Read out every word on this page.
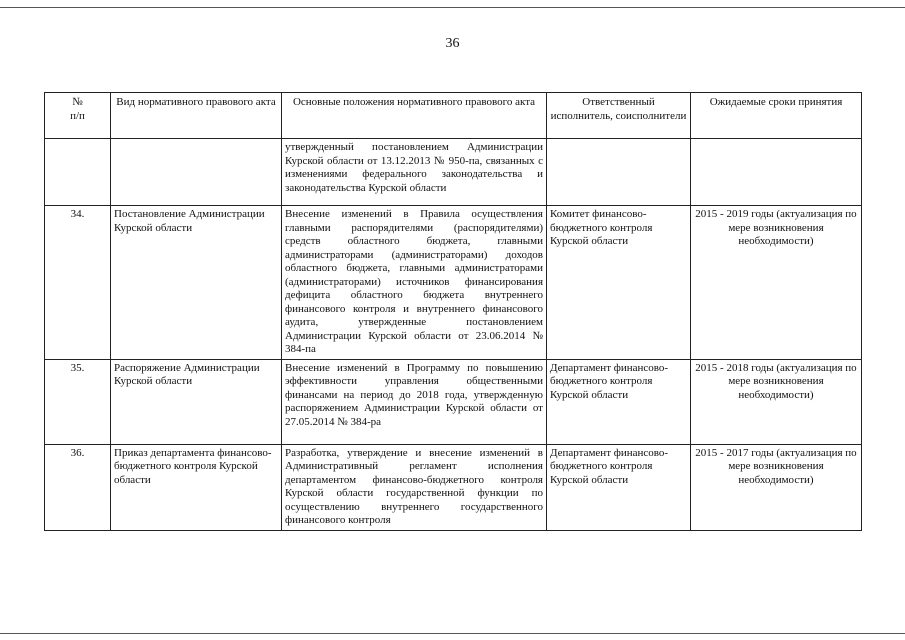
36
№
п/п	Вид нормативного правового акта	Основные положения нормативного правового акта	Ответственный исполнитель, соисполнители	Ожидаемые сроки принятия
		утвержденный постановлением Администрации Курской области от 13.12.2013 № 950-па, связанных с изменениями федерального законодательства и законодательства Курской области		
34.	Постановление Администрации Курской области	Внесение изменений в Правила осуществления главными распорядителями (распорядителями) средств областного бюджета, главными администраторами (администраторами) доходов областного бюджета, главными администраторами (администраторами) источников финансирования дефицита областного бюджета внутреннего финансового контроля и внутреннего финансового аудита, утвержденные постановлением Администрации Курской области от 23.06.2014 № 384-па	Комитет финансово-бюджетного контроля Курской области	2015 - 2019 годы (актуализация по мере возникновения необходимости)
35.	Распоряжение Администрации Курской области	Внесение изменений в Программу по повышению эффективности управления общественными финансами на период до 2018 года, утвержденную распоряжением Администрации Курской области от 27.05.2014 № 384-ра	Департамент финансово-бюджетного контроля Курской области	2015 - 2018 годы (актуализация по мере возникновения необходимости)
36.	Приказ департамента финансово-бюджетного контроля Курской области	Разработка, утверждение и внесение изменений в Административный регламент исполнения департаментом финансово-бюджетного контроля Курской области государственной функции по осуществлению внутреннего государственного финансового контроля	Департамент финансово-бюджетного контроля Курской области	2015 - 2017 годы (актуализация по мере возникновения необходимости)
